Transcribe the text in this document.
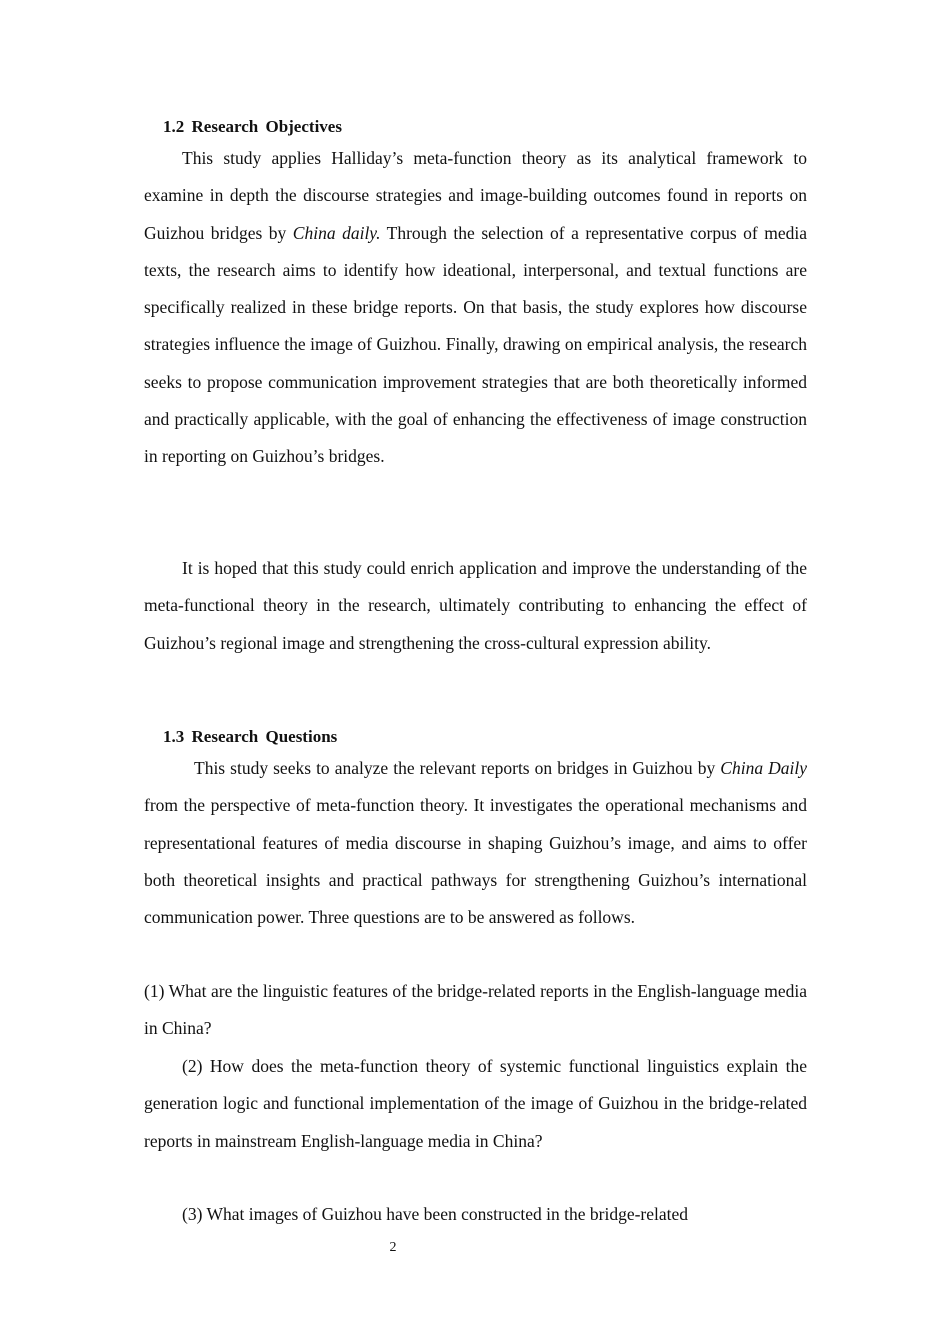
1.2 Research Objectives

This study applies Halliday’s meta-function theory as its analytical framework to examine in depth the discourse strategies and image-building outcomes found in reports on Guizhou bridges by China daily. Through the selection of a representative corpus of media texts, the research aims to identify how ideational, interpersonal, and textual functions are specifically realized in these bridge reports. On that basis, the study explores how discourse strategies influence the image of Guizhou. Finally, drawing on empirical analysis, the research seeks to propose communication improvement strategies that are both theoretically informed and practically applicable, with the goal of enhancing the effectiveness of image construction in reporting on Guizhou’s bridges.

It is hoped that this study could enrich application and improve the understanding of the meta-functional theory in the research, ultimately contributing to enhancing the effect of Guizhou’s regional image and strengthening the cross-cultural expression ability.

1.3 Research Questions

This study seeks to analyze the relevant reports on bridges in Guizhou by China Daily from the perspective of meta-function theory. It investigates the operational mechanisms and representational features of media discourse in shaping Guizhou’s image, and aims to offer both theoretical insights and practical pathways for strengthening Guizhou’s international communication power. Three questions are to be answered as follows.

(1) What are the linguistic features of the bridge-related reports in the English-language media in China?

(2) How does the meta-function theory of systemic functional linguistics explain the generation logic and functional implementation of the image of Guizhou in the bridge-related reports in mainstream English-language media in China?

(3) What images of Guizhou have been constructed in the bridge-related

2
